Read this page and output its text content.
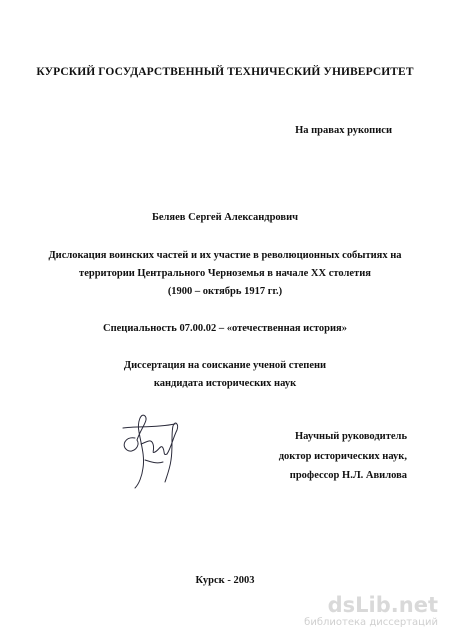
КУРСКИЙ ГОСУДАРСТВЕННЫЙ ТЕХНИЧЕСКИЙ УНИВЕРСИТЕТ
На правах рукописи
Беляев Сергей Александрович
Дислокация воинских частей и их участие в революционных событиях на
территории Центрального Черноземья в начале XX столетия
(1900 – октябрь 1917 гг.)
Специальность 07.00.02 – «отечественная история»
Диссертация на соискание ученой степени
кандидата исторических наук
Научный руководитель
доктор исторических наук,
профессор Н.Л. Авилова
Курск - 2003
dsLib.net
библиотека диссертаций
